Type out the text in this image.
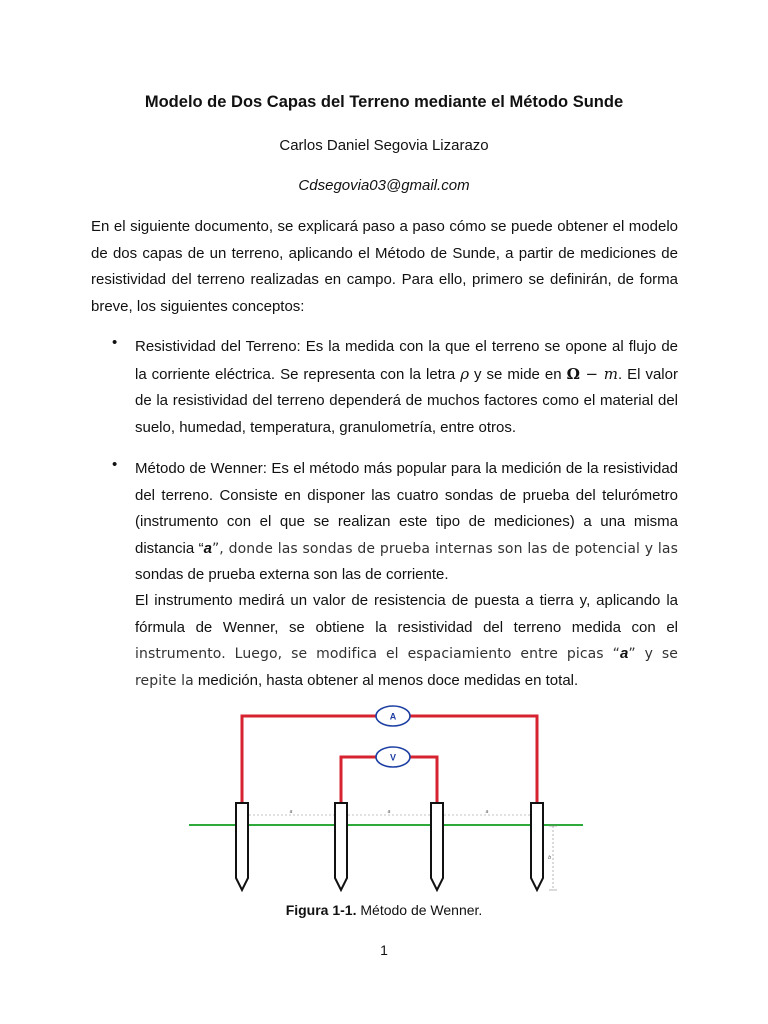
Modelo de Dos Capas del Terreno mediante el Método Sunde
Carlos Daniel Segovia Lizarazo
Cdsegovia03@gmail.com

En el siguiente documento, se explicará paso a paso cómo se puede obtener el modelo de dos capas de un terreno, aplicando el Método de Sunde, a partir de mediciones de resistividad del terreno realizadas en campo. Para ello, primero se definirán, de forma breve, los siguientes conceptos:

• Resistividad del Terreno: Es la medida con la que el terreno se opone al flujo de la corriente eléctrica. Se representa con la letra ρ y se mide en Ω − m. El valor de la resistividad del terreno dependerá de muchos factores como el material del suelo, humedad, temperatura, granulometría, entre otros.

• Método de Wenner: Es el método más popular para la medición de la resistividad del terreno. Consiste en disponer las cuatro sondas de prueba del telurómetro (instrumento con el que se realizan este tipo de mediciones) a una misma distancia “a”, donde las sondas de prueba internas son las de potencial y las sondas de prueba externa son las de corriente.

El instrumento medirá un valor de resistencia de puesta a tierra y, aplicando la fórmula de Wenner, se obtiene la resistividad del terreno medida con el instrumento. Luego, se modifica el espaciamiento entre picas “a” y se repite la medición, hasta obtener al menos doce medidas en total.

A
V
a	a	a
b
Figura 1-1. Método de Wenner.
1
